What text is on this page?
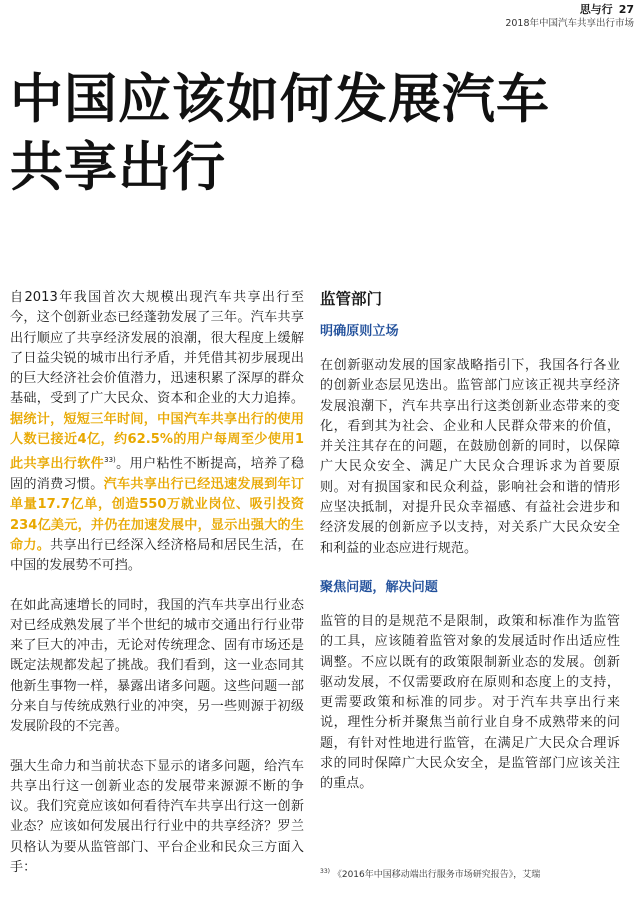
思与行 27
2018年中国汽车共享出行市场
中国应该如何发展汽车
共享出行

自2013年我国首次大规模出现汽车共享出行至今，这个创新业态已经蓬勃发展了三年。汽车共享出行顺应了共享经济发展的浪潮，很大程度上缓解了日益尖锐的城市出行矛盾，并凭借其初步展现出的巨大经济社会价值潜力，迅速积累了深厚的群众基础，受到了广大民众、资本和企业的大力追捧。据统计，短短三年时间，中国汽车共享出行的使用人数已接近4亿，约62.5%的用户每周至少使用1此共享出行软件$^{33)}$。用户粘性不断提高，培养了稳固的消费习惯。汽车共享出行已经迅速发展到年订单量17.7亿单，创造550万就业岗位、吸引投资234亿美元，并仍在加速发展中，显示出强大的生命力。共享出行已经深入经济格局和居民生活，在中国的发展势不可挡。

在如此高速增长的同时，我国的汽车共享出行业态对已经成熟发展了半个世纪的城市交通出行行业带来了巨大的冲击，无论对传统理念、固有市场还是既定法规都发起了挑战。我们看到，这一业态同其他新生事物一样，暴露出诸多问题。这些问题一部分来自与传统成熟行业的冲突，另一些则源于初级发展阶段的不完善。

强大生命力和当前状态下显示的诸多问题，给汽车共享出行这一创新业态的发展带来源源不断的争议。我们究竟应该如何看待汽车共享出行这一创新业态？应该如何发展出行行业中的共享经济？罗兰贝格认为要从监管部门、平台企业和民众三方面入手：

监管部门
明确原则立场

在创新驱动发展的国家战略指引下，我国各行各业的创新业态层见迭出。监管部门应该正视共享经济发展浪潮下，汽车共享出行这类创新业态带来的变化，看到其为社会、企业和人民群众带来的价值，并关注其存在的问题，在鼓励创新的同时，以保障广大民众安全、满足广大民众合理诉求为首要原则。对有损国家和民众利益，影响社会和谐的情形应坚决抵制，对提升民众幸福感、有益社会进步和经济发展的创新应予以支持，对关系广大民众安全和利益的业态应进行规范。

聚焦问题，解决问题

监管的目的是规范不是限制，政策和标准作为监管的工具，应该随着监管对象的发展适时作出适应性调整。不应以既有的政策限制新业态的发展。创新驱动发展，不仅需要政府在原则和态度上的支持，更需要政策和标准的同步。对于汽车共享出行来说，理性分析并聚焦当前行业自身不成熟带来的问题，有针对性地进行监管，在满足广大民众合理诉求的同时保障广大民众安全，是监管部门应该关注的重点。

$^{33)}$ 《2016年中国移动端出行服务市场研究报告》，艾瑞
